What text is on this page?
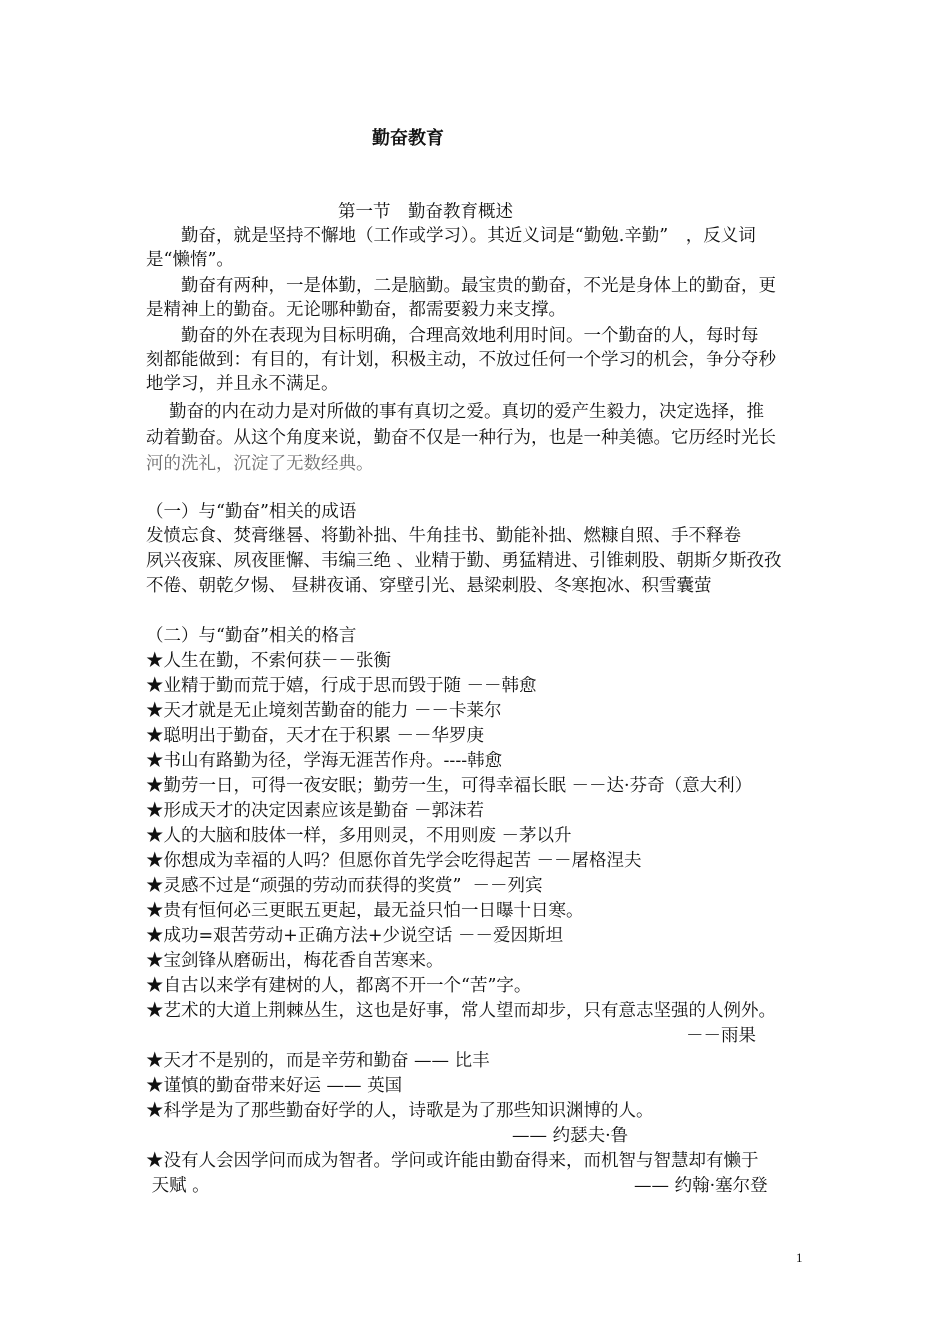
勤奋教育
第一节　勤奋教育概述
　　勤奋，就是坚持不懈地（工作或学习）。其近义词是“勤勉.辛勤”　，反义词
是“懒惰”。
　　勤奋有两种，一是体勤，二是脑勤。最宝贵的勤奋，不光是身体上的勤奋，更
是精神上的勤奋。无论哪种勤奋，都需要毅力来支撑。
　　勤奋的外在表现为目标明确，合理高效地利用时间。一个勤奋的人，每时每
刻都能做到：有目的，有计划，积极主动，不放过任何一个学习的机会，争分夺秒
地学习，并且永不满足。
　 勤奋的内在动力是对所做的事有真切之爱。真切的爱产生毅力，决定选择，推
动着勤奋。从这个角度来说，勤奋不仅是一种行为，也是一种美德。它历经时光长
河的洗礼，沉淀了无数经典。
（一）与“勤奋”相关的成语
发愤忘食、焚膏继晷、将勤补拙、牛角挂书、勤能补拙、燃糠自照、手不释卷
夙兴夜寐、夙夜匪懈、韦编三绝 、业精于勤、勇猛精进、引锥刺股、朝斯夕斯孜孜
不倦、朝乾夕惕、 昼耕夜诵、穿壁引光、悬梁刺股、冬寒抱冰、积雪囊萤
（二）与“勤奋”相关的格言
★人生在勤，不索何获－－张衡
★业精于勤而荒于嬉，行成于思而毁于随 －－韩愈
★天才就是无止境刻苦勤奋的能力 －－卡莱尔
★聪明出于勤奋，天才在于积累 －－华罗庚
★书山有路勤为径，学海无涯苦作舟。----韩愈
★勤劳一日，可得一夜安眠；勤劳一生，可得幸福长眠 －－达·芬奇（意大利）
★形成天才的决定因素应该是勤奋 －郭沫若
★人的大脑和肢体一样，多用则灵，不用则废 －茅以升
★你想成为幸福的人吗？但愿你首先学会吃得起苦 －－屠格涅夫
★灵感不过是“顽强的劳动而获得的奖赏”  －－列宾
★贵有恒何必三更眠五更起，最无益只怕一日曝十日寒。
★成功=艰苦劳动+正确方法+少说空话 －－爱因斯坦
★宝剑锋从磨砺出，梅花香自苦寒来。
★自古以来学有建树的人，都离不开一个“苦”字。
★艺术的大道上荆棘丛生，这也是好事，常人望而却步，只有意志坚强的人例外。
－－雨果
★天才不是别的，而是辛劳和勤奋 —— 比丰
★谨慎的勤奋带来好运 —— 英国
★科学是为了那些勤奋好学的人，诗歌是为了那些知识渊博的人。
—— 约瑟夫·鲁
★没有人会因学问而成为智者。学问或许能由勤奋得来，而机智与智慧却有懒于
天赋 。	—— 约翰·塞尔登
1
